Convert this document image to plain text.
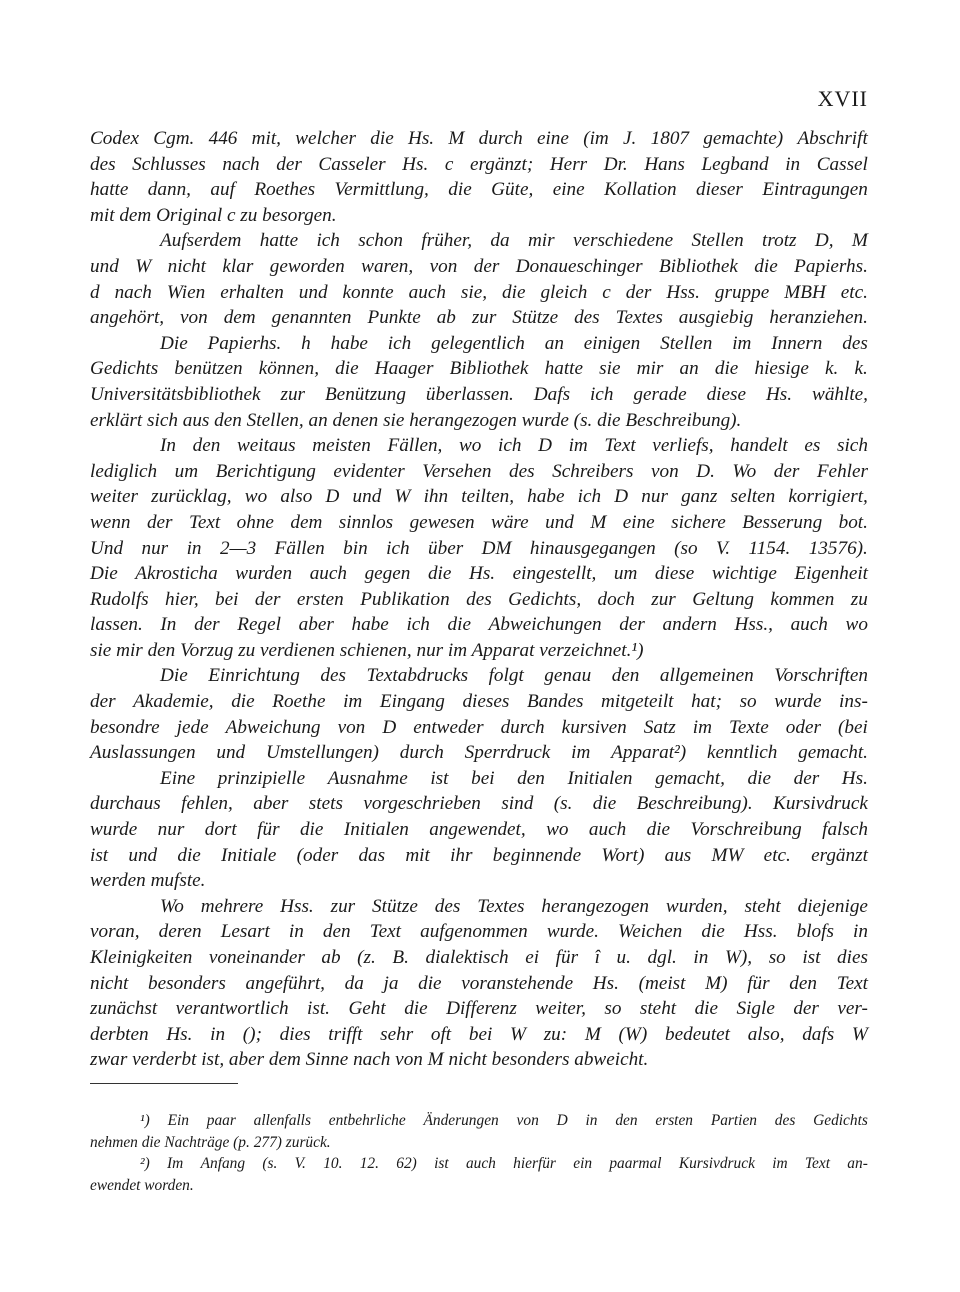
XVII
Codex Cgm. 446 mit, welcher die Hs. M durch eine (im J. 1807 gemachte) Abschrift
des Schlusses nach der Casseler Hs. c ergänzt; Herr Dr. Hans Legband in Cassel
hatte dann, auf Roethes Vermittlung, die Güte, eine Kollation dieser Eintragungen
mit dem Original c zu besorgen.
Aufserdem hatte ich schon früher, da mir verschiedene Stellen trotz D, M
und W nicht klar geworden waren, von der Donaueschinger Bibliothek die Papierhs.
d nach Wien erhalten und konnte auch sie, die gleich c der Hss. gruppe MBH etc.
angehört, von dem genannten Punkte ab zur Stütze des Textes ausgiebig heranziehen.
Die Papierhs. h habe ich gelegentlich an einigen Stellen im Innern des
Gedichts benützen können, die Haager Bibliothek hatte sie mir an die hiesige k. k.
Universitätsbibliothek zur Benützung überlassen. Dafs ich gerade diese Hs. wählte,
erklärt sich aus den Stellen, an denen sie herangezogen wurde (s. die Beschreibung).
In den weitaus meisten Fällen, wo ich D im Text verliefs, handelt es sich
lediglich um Berichtigung evidenter Versehen des Schreibers von D. Wo der Fehler
weiter zurücklag, wo also D und W ihn teilten, habe ich D nur ganz selten korrigiert,
wenn der Text ohne dem sinnlos gewesen wäre und M eine sichere Besserung bot.
Und nur in 2—3 Fällen bin ich über DM hinausgegangen (so V. 1154. 13576).
Die Akrosticha wurden auch gegen die Hs. eingestellt, um diese wichtige Eigenheit
Rudolfs hier, bei der ersten Publikation des Gedichts, doch zur Geltung kommen zu
lassen. In der Regel aber habe ich die Abweichungen der andern Hss., auch wo
sie mir den Vorzug zu verdienen schienen, nur im Apparat verzeichnet.¹)
Die Einrichtung des Textabdrucks folgt genau den allgemeinen Vorschriften
der Akademie, die Roethe im Eingang dieses Bandes mitgeteilt hat; so wurde ins-
besondre jede Abweichung von D entweder durch kursiven Satz im Texte oder (bei
Auslassungen und Umstellungen) durch Sperrdruck im Apparat²) kenntlich gemacht.
Eine prinzipielle Ausnahme ist bei den Initialen gemacht, die der Hs.
durchaus fehlen, aber stets vorgeschrieben sind (s. die Beschreibung). Kursivdruck
wurde nur dort für die Initialen angewendet, wo auch die Vorschreibung falsch
ist und die Initiale (oder das mit ihr beginnende Wort) aus MW etc. ergänzt
werden mufste.
Wo mehrere Hss. zur Stütze des Textes herangezogen wurden, steht diejenige
voran, deren Lesart in den Text aufgenommen wurde. Weichen die Hss. blofs in
Kleinigkeiten voneinander ab (z. B. dialektisch ei für î u. dgl. in W), so ist dies
nicht besonders angeführt, da ja die voranstehende Hs. (meist M) für den Text
zunächst verantwortlich ist. Geht die Differenz weiter, so steht die Sigle der ver-
derbten Hs. in (); dies trifft sehr oft bei W zu: M (W) bedeutet also, dafs W
zwar verderbt ist, aber dem Sinne nach von M nicht besonders abweicht.
¹) Ein paar allenfalls entbehrliche Änderungen von D in den ersten Partien des Gedichts
nehmen die Nachträge (p. 277) zurück.
²) Im Anfang (s. V. 10. 12. 62) ist auch hierfür ein paarmal Kursivdruck im Text an-
ewendet worden.
